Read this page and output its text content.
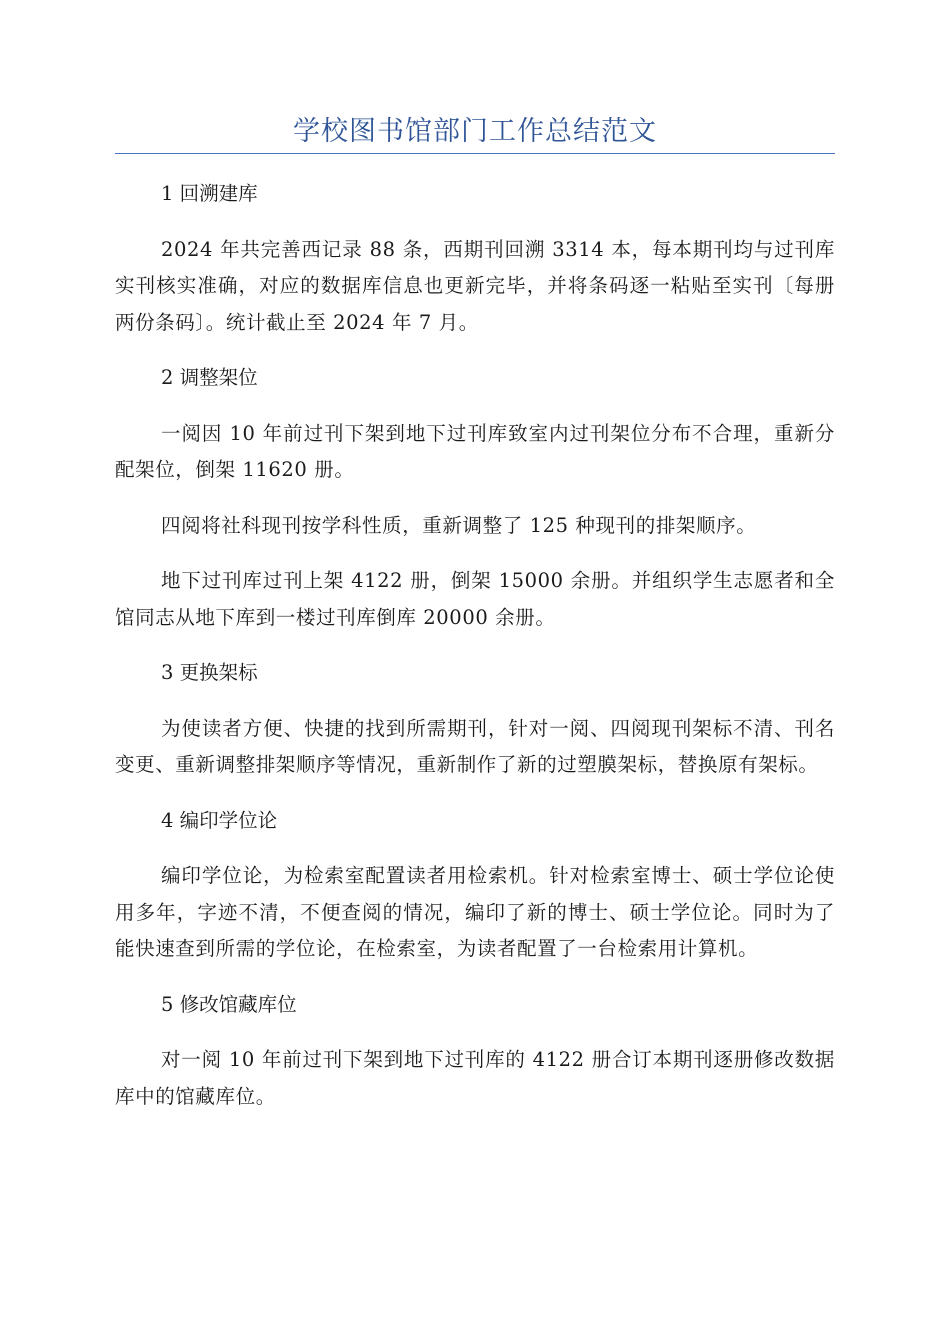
学校图书馆部门工作总结范文

1 回溯建库

2024 年共完善西记录 88 条，西期刊回溯 3314 本，每本期刊均与过刊库实刊核实准确，对应的数据库信息也更新完毕，并将条码逐一粘贴至实刊〔每册两份条码〕。统计截止至 2024 年 7 月。

2 调整架位

一阅因 10 年前过刊下架到地下过刊库致室内过刊架位分布不合理，重新分配架位，倒架 11620 册。

四阅将社科现刊按学科性质，重新调整了 125 种现刊的排架顺序。

地下过刊库过刊上架 4122 册，倒架 15000 余册。并组织学生志愿者和全馆同志从地下库到一楼过刊库倒库 20000 余册。

3 更换架标

为使读者方便、快捷的找到所需期刊，针对一阅、四阅现刊架标不清、刊名变更、重新调整排架顺序等情况，重新制作了新的过塑膜架标，替换原有架标。

4 编印学位论

编印学位论，为检索室配置读者用检索机。针对检索室博士、硕士学位论使用多年，字迹不清，不便查阅的情况，编印了新的博士、硕士学位论。同时为了能快速查到所需的学位论，在检索室，为读者配置了一台检索用计算机。

5 修改馆藏库位

对一阅 10 年前过刊下架到地下过刊库的 4122 册合订本期刊逐册修改数据库中的馆藏库位。
